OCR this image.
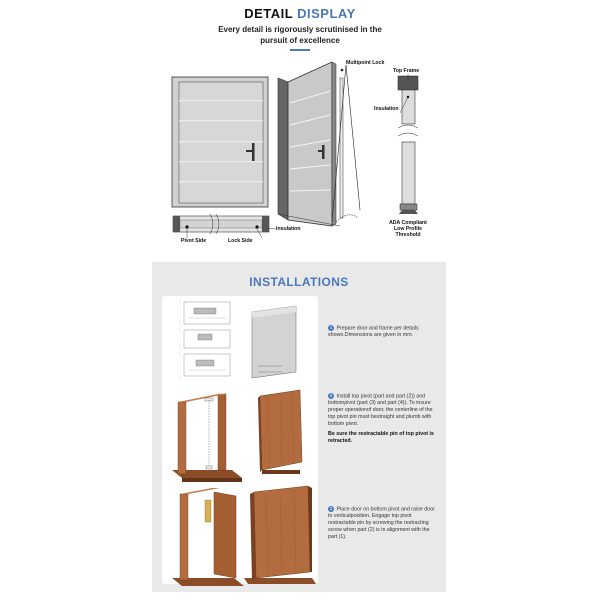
DETAIL DISPLAY
Every detail is rigorously scrutinised in the
pursuit of excellence
Multipoint Lock
Top Frame
Insulation
Insulation
Pivot Side	Lock Side
ADA Compliant
Low Profile
Threshold
INSTALLATIONS
1 Prepare door and frame per details shown.Dimensions are given in mm.
2 Install top pivot (part and part (2)) and bottompivot (part (3) and part (4)). To insure proper operationof door, the centerline of the top pivot pin must bestraight and plumb with bottom pivot.
Be sure the restractable pin of top pivot is retracted.
3 Place door on bottom pivot and raise door to verticalposition. Engage top pivot restractable pin by screwing the restracting screw when part (2) is in alignment with the part (1).
